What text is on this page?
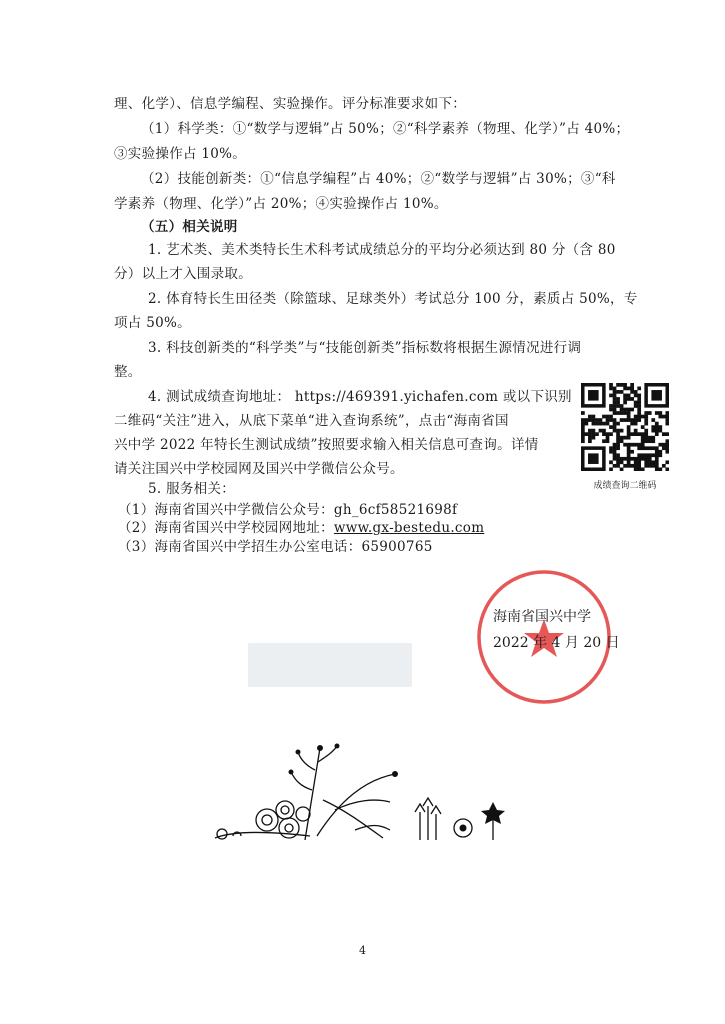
理、化学）、信息学编程、实验操作。评分标准要求如下：
（1）科学类：①“数学与逻辑”占 50%；②“科学素养（物理、化学）”占 40%；
③实验操作占 10%。
（2）技能创新类：①“信息学编程”占 40%；②“数学与逻辑”占 30%；③“科
学素养（物理、化学）”占 20%；④实验操作占 10%。
（五）相关说明
1. 艺术类、美术类特长生术科考试成绩总分的平均分必须达到 80 分（含 80
分）以上才入围录取。
2. 体育特长生田径类（除篮球、足球类外）考试总分 100 分，素质占 50%，专
项占 50%。
3. 科技创新类的“科学类”与“技能创新类”指标数将根据生源情况进行调
整。
4. 测试成绩查询地址： https://469391.yichafen.com 或以下识别
二维码“关注”进入，从底下菜单“进入查询系统”，点击“海南省国
兴中学 2022 年特长生测试成绩”按照要求输入相关信息可查询。详情
请关注国兴中学校园网及国兴中学微信公众号。
5. 服务相关：
（1）海南省国兴中学微信公众号：gh_6cf58521698f
（2）海南省国兴中学校园网地址：www.gx-bestedu.com
（3）海南省国兴中学招生办公室电话：65900765
成绩查询二维码
海南省国兴中学
2022 年 4 月 20 日
4
